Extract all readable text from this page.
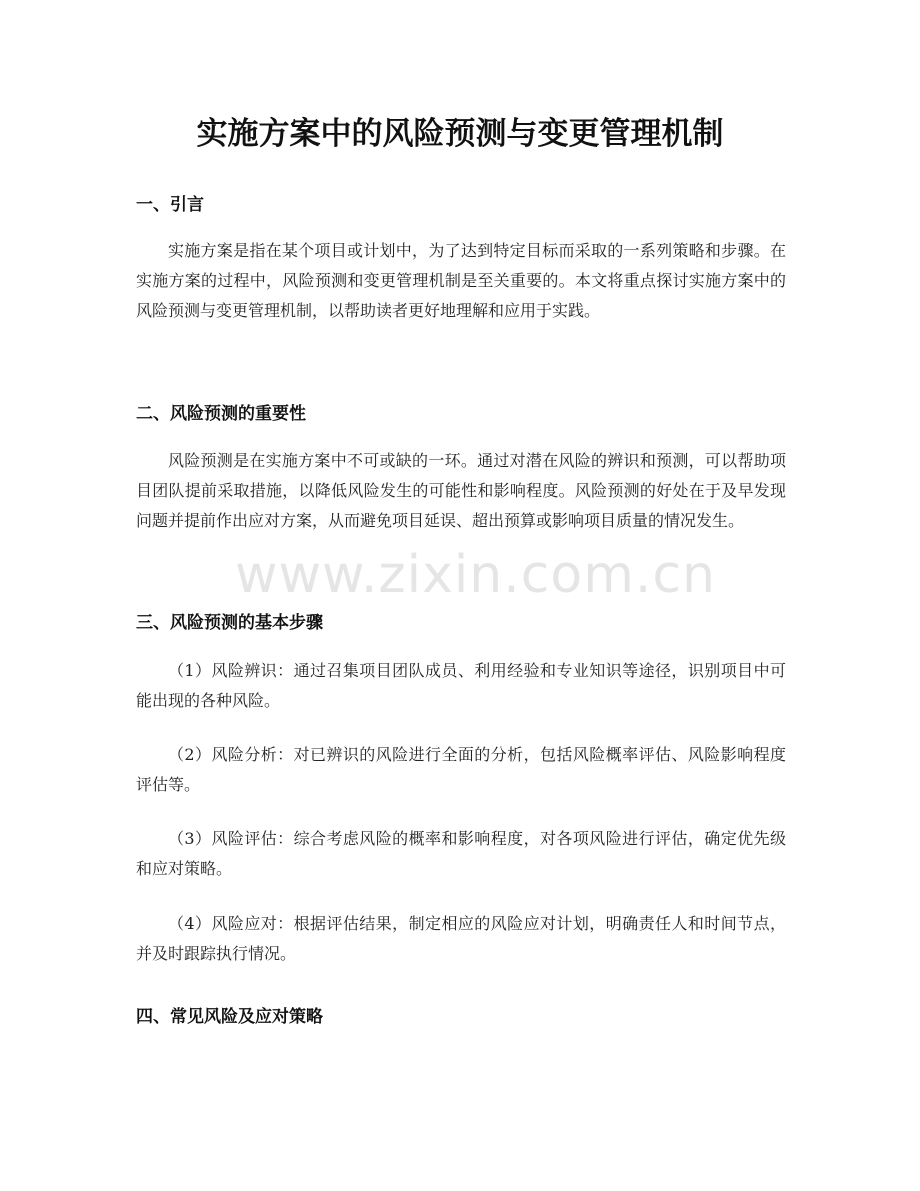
实施方案中的风险预测与变更管理机制
一、引言

实施方案是指在某个项目或计划中，为了达到特定目标而采取的一系列策略和步骤。在实施方案的过程中，风险预测和变更管理机制是至关重要的。本文将重点探讨实施方案中的风险预测与变更管理机制，以帮助读者更好地理解和应用于实践。

二、风险预测的重要性

风险预测是在实施方案中不可或缺的一环。通过对潜在风险的辨识和预测，可以帮助项目团队提前采取措施，以降低风险发生的可能性和影响程度。风险预测的好处在于及早发现问题并提前作出应对方案，从而避免项目延误、超出预算或影响项目质量的情况发生。

三、风险预测的基本步骤

（1）风险辨识：通过召集项目团队成员、利用经验和专业知识等途径，识别项目中可能出现的各种风险。

（2）风险分析：对已辨识的风险进行全面的分析，包括风险概率评估、风险影响程度评估等。

（3）风险评估：综合考虑风险的概率和影响程度，对各项风险进行评估，确定优先级和应对策略。

（4）风险应对：根据评估结果，制定相应的风险应对计划，明确责任人和时间节点，并及时跟踪执行情况。

四、常见风险及应对策略
www.zixin.com.cn
